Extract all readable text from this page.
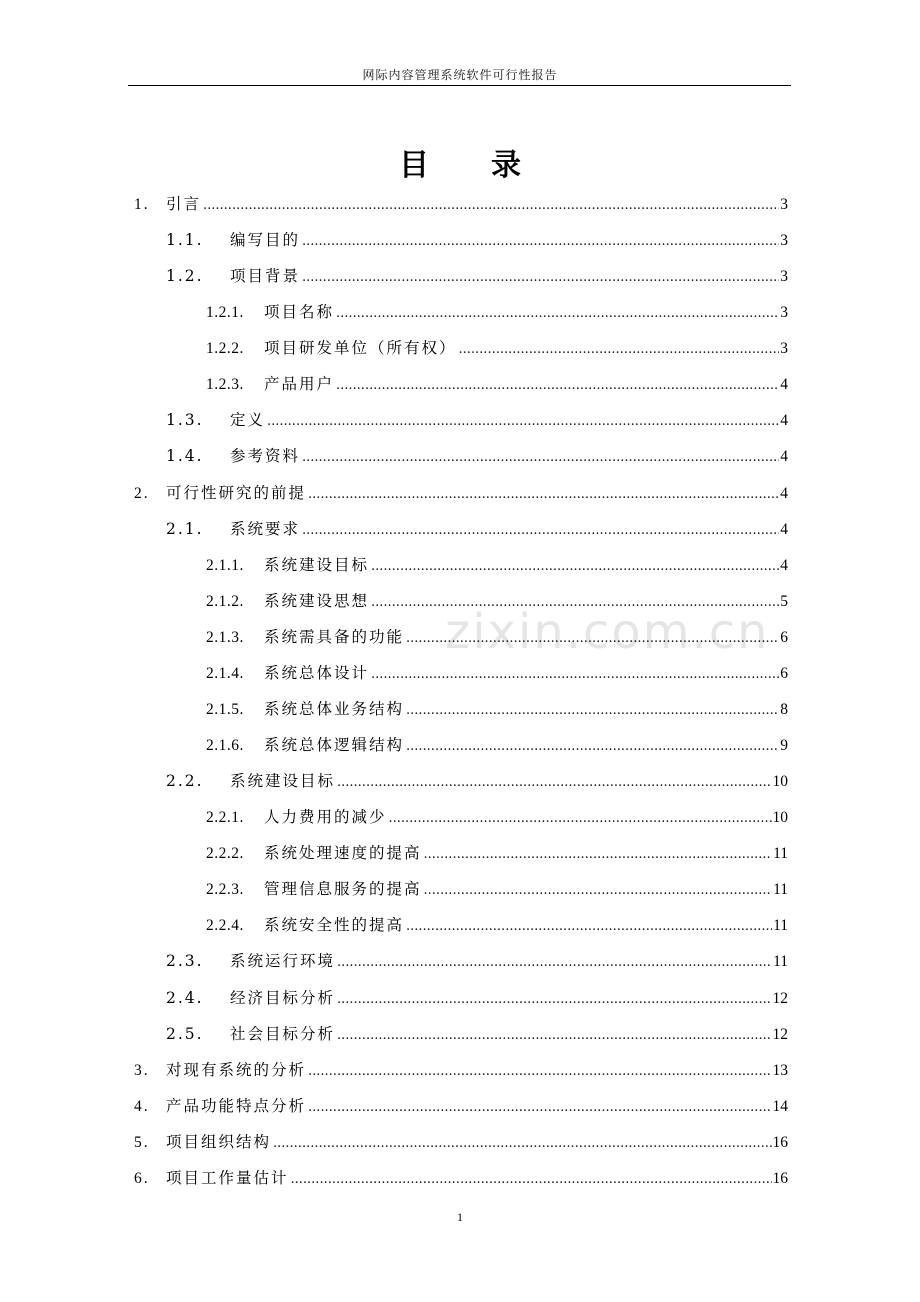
网际内容管理系统软件可行性报告
目录
1.	引言 .....	3
1.1.	编写目的 .....	3
1.2.	项目背景 .....	3
1.2.1.	项目名称 .....	3
1.2.2.	项目研发单位（所有权） .....	3
1.2.3.	产品用户 .....	4
1.3.	定义 .....	4
1.4.	参考资料 .....	4
2.	可行性研究的前提 .....	4
2.1.	系统要求 .....	4
2.1.1.	系统建设目标 .....	4
2.1.2.	系统建设思想 .....	5
2.1.3.	系统需具备的功能 .....	6
2.1.4.	系统总体设计 .....	6
2.1.5.	系统总体业务结构 .....	8
2.1.6.	系统总体逻辑结构 .....	9
2.2.	系统建设目标 .....	10
2.2.1.	人力费用的减少 .....	10
2.2.2.	系统处理速度的提高 .....	11
2.2.3.	管理信息服务的提高 .....	11
2.2.4.	系统安全性的提高 .....	11
2.3.	系统运行环境 .....	11
2.4.	经济目标分析 .....	12
2.5.	社会目标分析 .....	12
3.	对现有系统的分析 .....	13
4.	产品功能特点分析 .....	14
5.	项目组织结构 .....	16
6.	项目工作量估计 .....	16
zixin.com.cn
1
